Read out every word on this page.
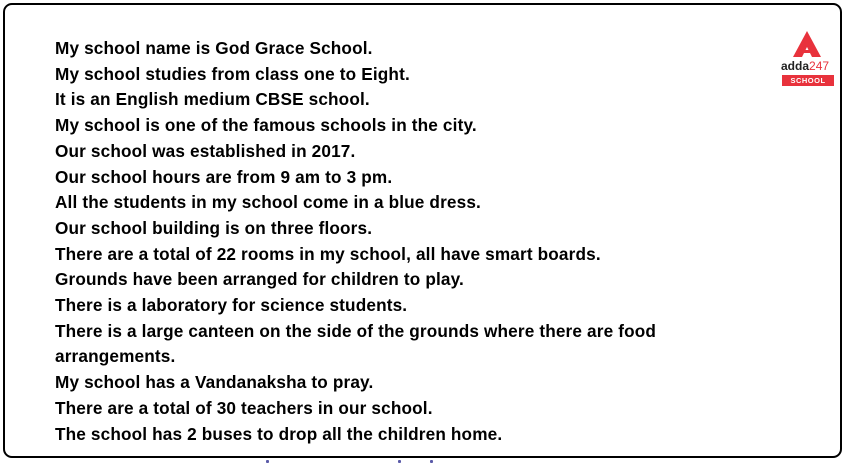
My school name is God Grace School.
My school studies from class one to Eight.
It is an English medium CBSE school.
My school is one of the famous schools in the city.
Our school was established in 2017.
Our school hours are from 9 am to 3 pm.
All the students in my school come in a blue dress.
Our school building is on three floors.
There are a total of 22 rooms in my school, all have smart boards.
Grounds have been arranged for children to play.
There is a laboratory for science students.
There is a large canteen on the side of the grounds where there are food
arrangements.
My school has a Vandanaksha to pray.
There are a total of 30 teachers in our school.
The school has 2 buses to drop all the children home.
adda247
SCHOOL
